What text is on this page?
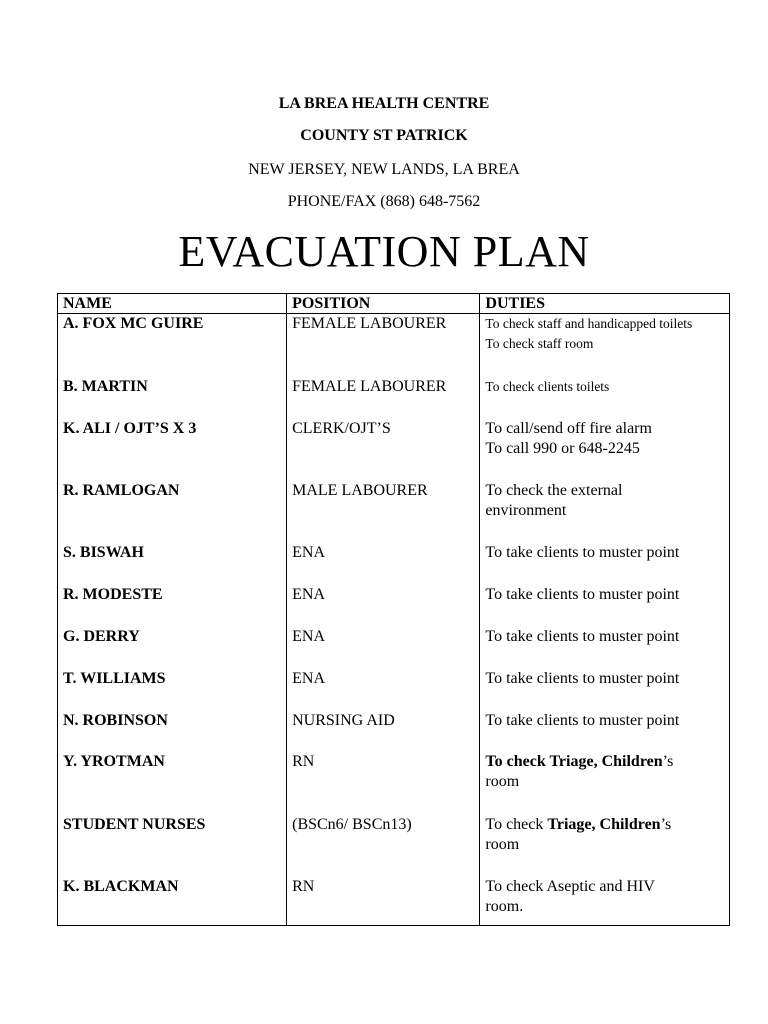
LA BREA HEALTH CENTRE
COUNTY ST PATRICK
NEW JERSEY, NEW LANDS, LA BREA
PHONE/FAX (868) 648-7562
EVACUATION PLAN
NAME	POSITION	DUTIES
A. FOX MC GUIRE	FEMALE LABOURER	To check staff and handicapped toilets
To check staff room

B. MARTIN	FEMALE LABOURER	To check clients toilets

K. ALI / OJT’S X 3	CLERK/OJT’S	To call/send off fire alarm
To call 990 or 648-2245

R. RAMLOGAN	MALE LABOURER	To check the external
environment

S. BISWAH	ENA	To take clients to muster point

R. MODESTE	ENA	To take clients to muster point

G. DERRY	ENA	To take clients to muster point

T. WILLIAMS	ENA	To take clients to muster point

N. ROBINSON	NURSING AID	To take clients to muster point

Y. YROTMAN	RN	To check Triage, Children’s
room

STUDENT NURSES	(BSCn6/ BSCn13)	To check Triage, Children’s
room

K. BLACKMAN	RN	To check Aseptic and HIV
room.
